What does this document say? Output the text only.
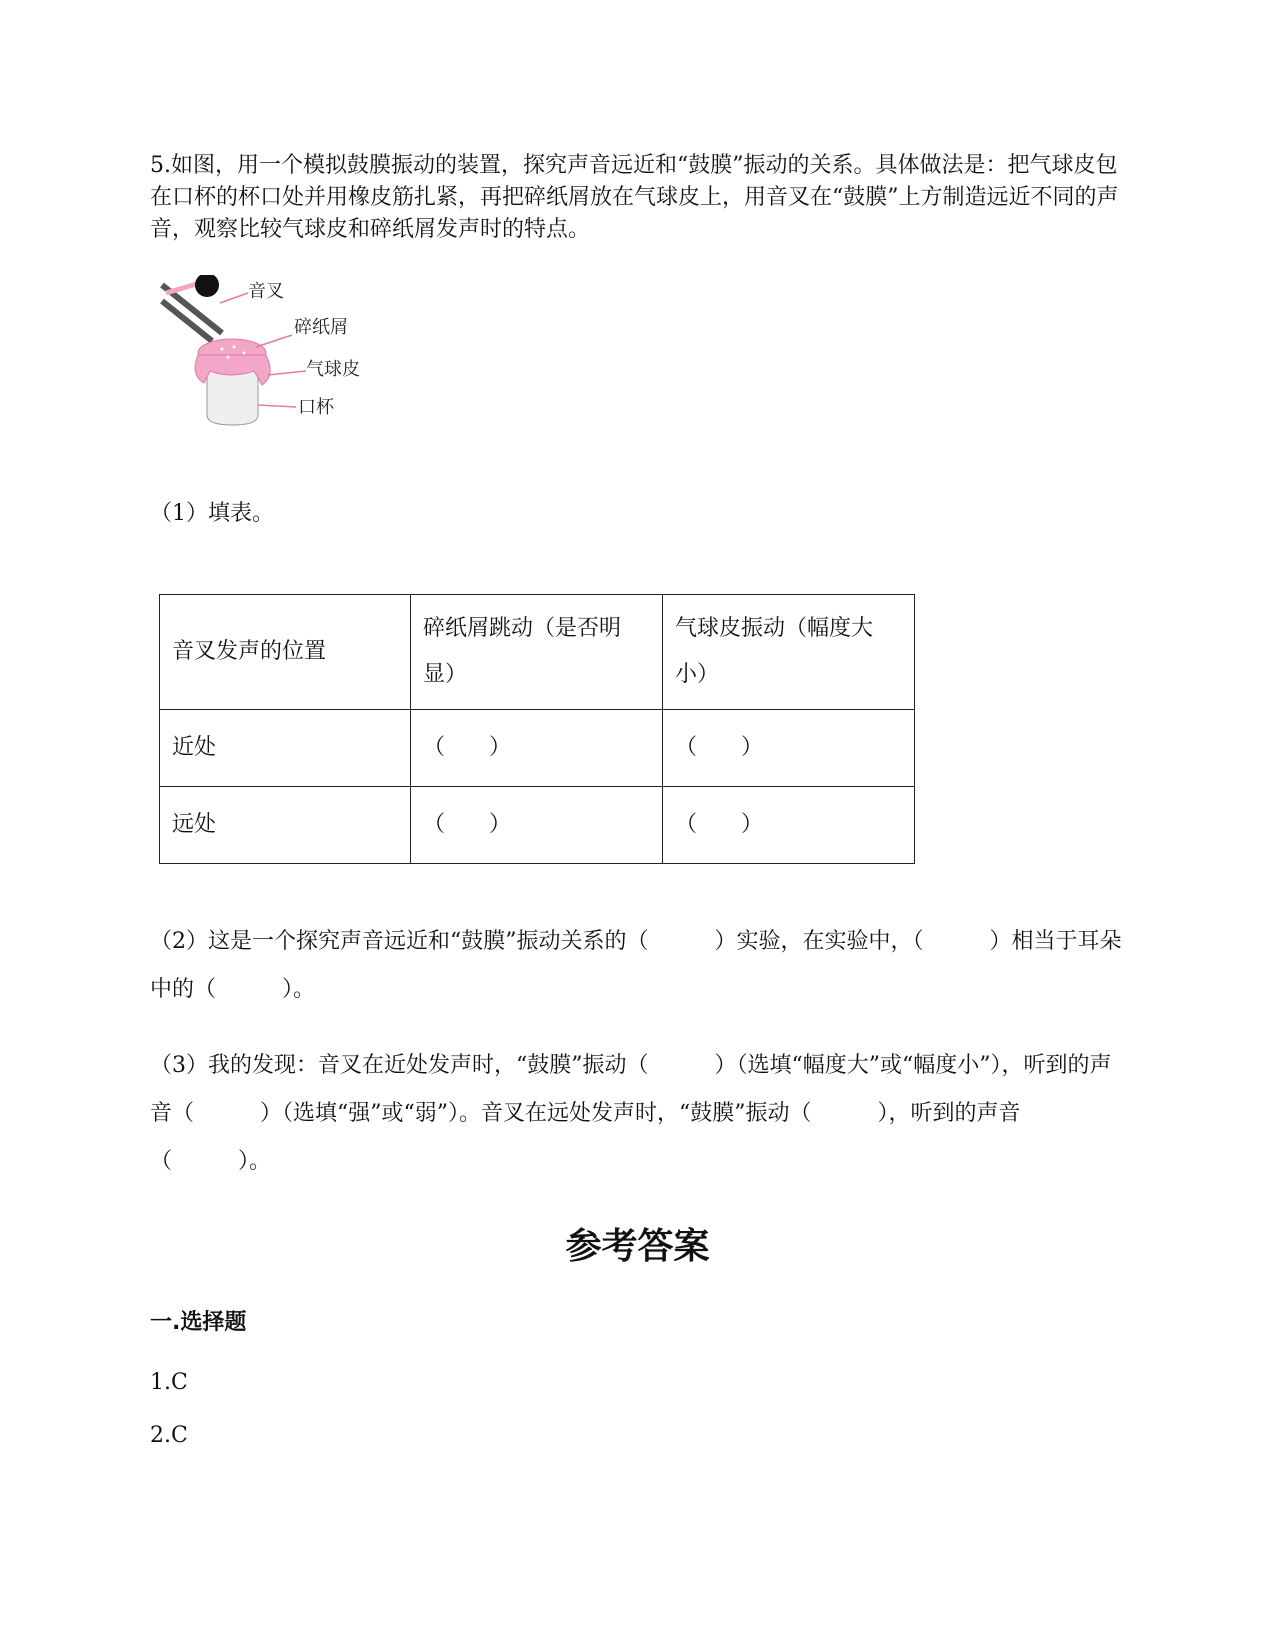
5.如图，用一个模拟鼓膜振动的装置，探究声音远近和“鼓膜”振动的关系。具体做法是：把气球皮包在口杯的杯口处并用橡皮筋扎紧，再把碎纸屑放在气球皮上，用音叉在“鼓膜”上方制造远近不同的声音，观察比较气球皮和碎纸屑发声时的特点。

音叉
碎纸屑
气球皮
口杯

（1）填表。

音叉发声的位置	碎纸屑跳动（是否明显）	气球皮振动（幅度大小）
近处	（　　）	（　　）
远处	（　　）	（　　）

（2）这是一个探究声音远近和“鼓膜”振动关系的（　　　）实验，在实验中，（　　　）相当于耳朵中的（　　　）。

（3）我的发现：音叉在近处发声时，“鼓膜”振动（　　　）（选填“幅度大”或“幅度小”），听到的声音（　　　）（选填“强”或“弱”）。音叉在远处发声时，“鼓膜”振动（　　　），听到的声音（　　　）。

参考答案

一.选择题

1.C

2.C
